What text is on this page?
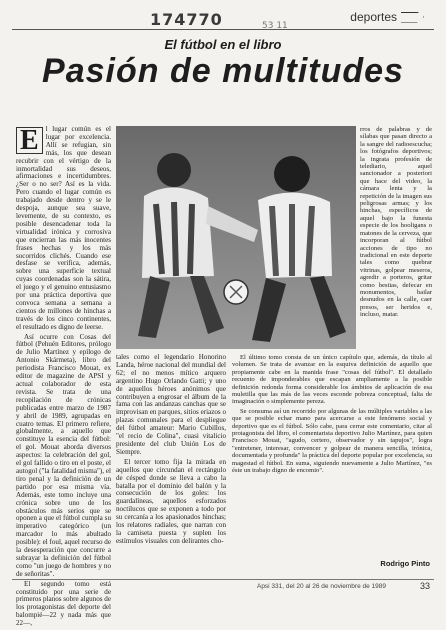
174770	53 11
deportes
El fútbol en el libro
Pasión de multitudes

E l lugar común es el lugar por excelencia. Allí se refugian, sin más, los que desean recubrir con el vértigo de la inmortalidad sus deseos, afirmaciones e incertidumbres. ¿Ser o no ser? Así es la vida. Pero cuando el lugar común es trabajado desde dentro y se le despoja, aunque sea suave, levemente, de su contexto, es posible desencadenar toda la virtualidad irónica y corrosiva que encierran las más inocentes frases hechas y los más socorridos clichés. Cuando ese desfase se verifica, además, sobre una superficie textual cuyas coordenadas son la sátira, el juego y el genuino entusiasmo por una práctica deportiva que convoca semana a semana a cientos de millones de hinchas a través de los cinco continentes, el resultado es digno de leerse.

Así ocurre con Cosas del fútbol (Pehuén Editores, prólogo de Julio Martínez y epílogo de Antonio Skármeta), libro del periodista Francisco Mouat, ex editor de magazine de APSI y actual colaborador de esta revista. Se trata de una recopilación de crónicas publicadas entre marzo de 1987 y abril de 1989, agrupadas en cuatro temas. El primero refiere, globalmente, a aquello que constituye la esencia del fútbol: el gol. Mouat aborda diversos aspectos: la celebración del gol, el gol fallido o tiro en el poste, el autogol ("la fatalidad misma"), el tiro penal y la definición de un partido por esa misma vía. Además, este tomo incluye una crónica sobre uno de los obstáculos más serios que se oponen a que el fútbol cumpla su imperativo categórico (un marcador lo más abultado posible): el foul, aquel recurso de la desesperación que concurre a subrayar la definición del fútbol como "un juego de hombres y no de señoritas".

El segundo tomo está constituido por una serie de primeros planos sobre algunos de los protagonistas del deporte del balompié—22 y nada más que 22—,

tales como el legendario Honorino Landa, héroe nacional del mundial del 62; el no menos mítico arquero argentino Hugo Orlando Gatti; y uno de aquellos héroes anónimos que contribuyen a engrosar el álbum de la fama con las andanzas canchas que se improvisan en parques, sitios eriazos o plazas comunales para el despliegue del fútbol amateur: Mario Cubillos, "el recio de Colina", cuasi vitalicio presidente del club Unión Los de Siempre.

El tercer tomo fija la mirada en aquellos que circundan el rectángulo de césped donde se lleva a cabo la batalla por el dominio del balón y la consecución de los goles: los guardalíneas, aquellos esforzados noctilucos que se exponen a todo por su cercanía a los apasionados hinchas; los relatores radiales, que narran con la camiseta puesta y suplen los estímulos visuales con delirantes cho-

rros de palabras y de sílabas que pasan directo a la sangre del radioescucha; los fotógrafos deportivos; la ingrata profesión de telediario, aquel sancionador a posteriori que hace del video, la cámara lenta y la repetición de la imagen sus peligrosas armas; y los hinchas, específicos de aquel bajo la funesta especie de los hooligans o matones de la cerveza, que incorporan al fútbol acciones de tipo no tradicional en este deporte tales como quebrar vitrinas, golpear meseros, agredir a porteros, gritar como bestias, defecar en monumentos, bailar desnudos en la calle, caer presos, ser heridos e, incluso, matar.

El último tomo consta de un único capítulo que, además, da título al volumen. Se trata de avanzar en la esquiva definición de aquello que propiamente cabe en la manida frase "cosas del fútbol". El detallado recuento de imponderables que escapan ampliamente a la posible definición redonda forma considerable los ámbitos de aplicación de esa muletilla que las más de las veces esconde pobreza conceptual, falta de imaginación o simplemente pereza.

Se consuma así un recorrido por algunas de las múltiples variables a las que se posible echar mano para acercarse a este fenómeno social y deportivo que es el fútbol. Sólo cabe, para cerrar este comentario, citar al protagonista del libro, el comentarista deportivo Julio Martínez, para quien Francisco Mouat, "agudo, certero, observador y sin tapujos", logra "entretener, interesar, convencer y golpear de manera sencilla, irónica, documentada y profunda" la práctica del deporte popular por excelencia, su magestad el fútbol. En suma, siguiendo nuevamente a Julio Martínez, "es éste un trabajo digno de encomio".

Rodrigo Pinto
Apsi 331, del 20 al 26 de noviembre de 1989	33
